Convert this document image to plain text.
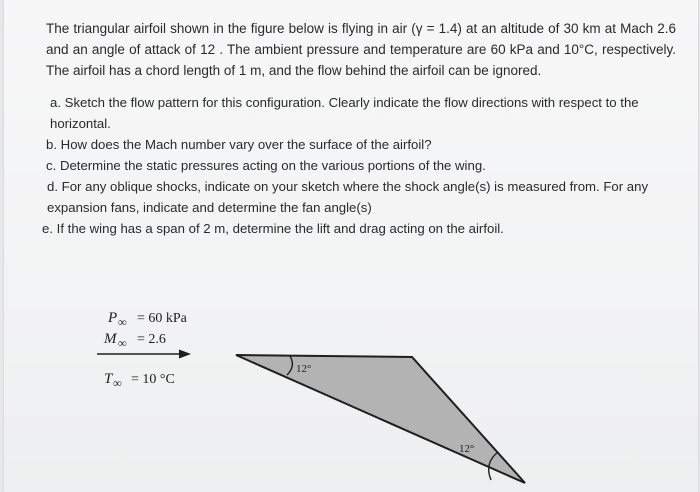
The triangular airfoil shown in the figure below is flying in air (γ = 1.4) at an altitude of 30 km at Mach 2.6 and an angle of attack of 12 . The ambient pressure and temperature are 60 kPa and 10°C, respectively. The airfoil has a chord length of 1 m, and the flow behind the airfoil can be ignored.

a. Sketch the flow pattern for this configuration. Clearly indicate the flow directions with respect to the horizontal.
b. How does the Mach number vary over the surface of the airfoil?
c. Determine the static pressures acting on the various portions of the wing.
d. For any oblique shocks, indicate on your sketch where the shock angle(s) is measured from. For any expansion fans, indicate and determine the fan angle(s)
e. If the wing has a span of 2 m, determine the lift and drag acting on the airfoil.
P ∞ = 60 kPa
M ∞ = 2.6
T ∞ = 10 °C
12°
12°
